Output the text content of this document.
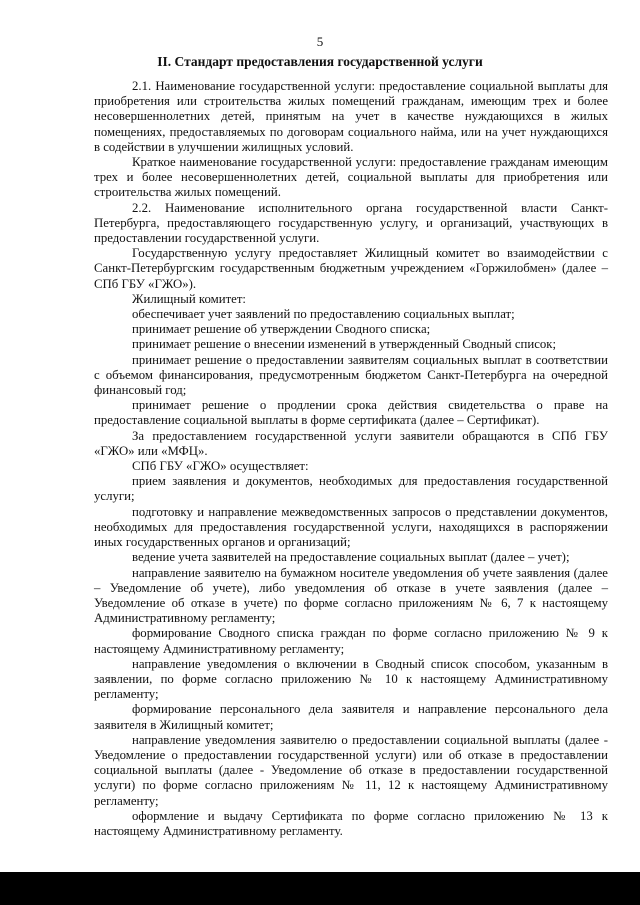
5
II. Стандарт предоставления государственной услуги

2.1. Наименование государственной услуги: предоставление социальной выплаты для приобретения или строительства жилых помещений гражданам, имеющим трех и более несовершеннолетних детей, принятым на учет в качестве нуждающихся в жилых помещениях, предоставляемых по договорам социального найма, или на учет нуждающихся в содействии в улучшении жилищных условий.

Краткое наименование государственной услуги: предоставление гражданам имеющим трех и более несовершеннолетних детей, социальной выплаты для приобретения или строительства жилых помещений.

2.2. Наименование исполнительного органа государственной власти Санкт-Петербурга, предоставляющего государственную услугу, и организаций, участвующих в предоставлении государственной услуги.

Государственную услугу предоставляет Жилищный комитет во взаимодействии с Санкт-Петербургским государственным бюджетным учреждением «Горжилобмен» (далее – СПб ГБУ «ГЖО»).

Жилищный комитет:

обеспечивает учет заявлений по предоставлению социальных выплат;

принимает решение об утверждении Сводного списка;

принимает решение о внесении изменений в утвержденный Сводный список;

принимает решение о предоставлении заявителям социальных выплат в соответствии с объемом финансирования, предусмотренным бюджетом Санкт-Петербурга на очередной финансовый год;

принимает решение о продлении срока действия свидетельства о праве на предоставление социальной выплаты в форме сертификата (далее – Сертификат).

За предоставлением государственной услуги заявители обращаются в СПб ГБУ «ГЖО» или «МФЦ».

СПб ГБУ «ГЖО» осуществляет:

прием заявления и документов, необходимых для предоставления государственной услуги;

подготовку и направление межведомственных запросов о представлении документов, необходимых для предоставления государственной услуги, находящихся в распоряжении иных государственных органов и организаций;

ведение учета заявителей на предоставление социальных выплат (далее – учет);

направление заявителю на бумажном носителе уведомления об учете заявления (далее – Уведомление об учете), либо уведомления об отказе в учете заявления (далее – Уведомление об отказе в учете) по форме согласно приложениям № 6, 7 к настоящему Административному регламенту;

формирование Сводного списка граждан по форме согласно приложению № 9 к настоящему Административному регламенту;

направление уведомления о включении в Сводный список способом, указанным в заявлении, по форме согласно приложению № 10 к настоящему Административному регламенту;

формирование персонального дела заявителя и направление персонального дела заявителя в Жилищный комитет;

направление уведомления заявителю о предоставлении социальной выплаты (далее - Уведомление о предоставлении государственной услуги) или об отказе в предоставлении социальной выплаты (далее - Уведомление об отказе в предоставлении государственной услуги) по форме согласно приложениям № 11, 12 к настоящему Административному регламенту;

оформление и выдачу Сертификата по форме согласно приложению № 13 к настоящему Административному регламенту.
